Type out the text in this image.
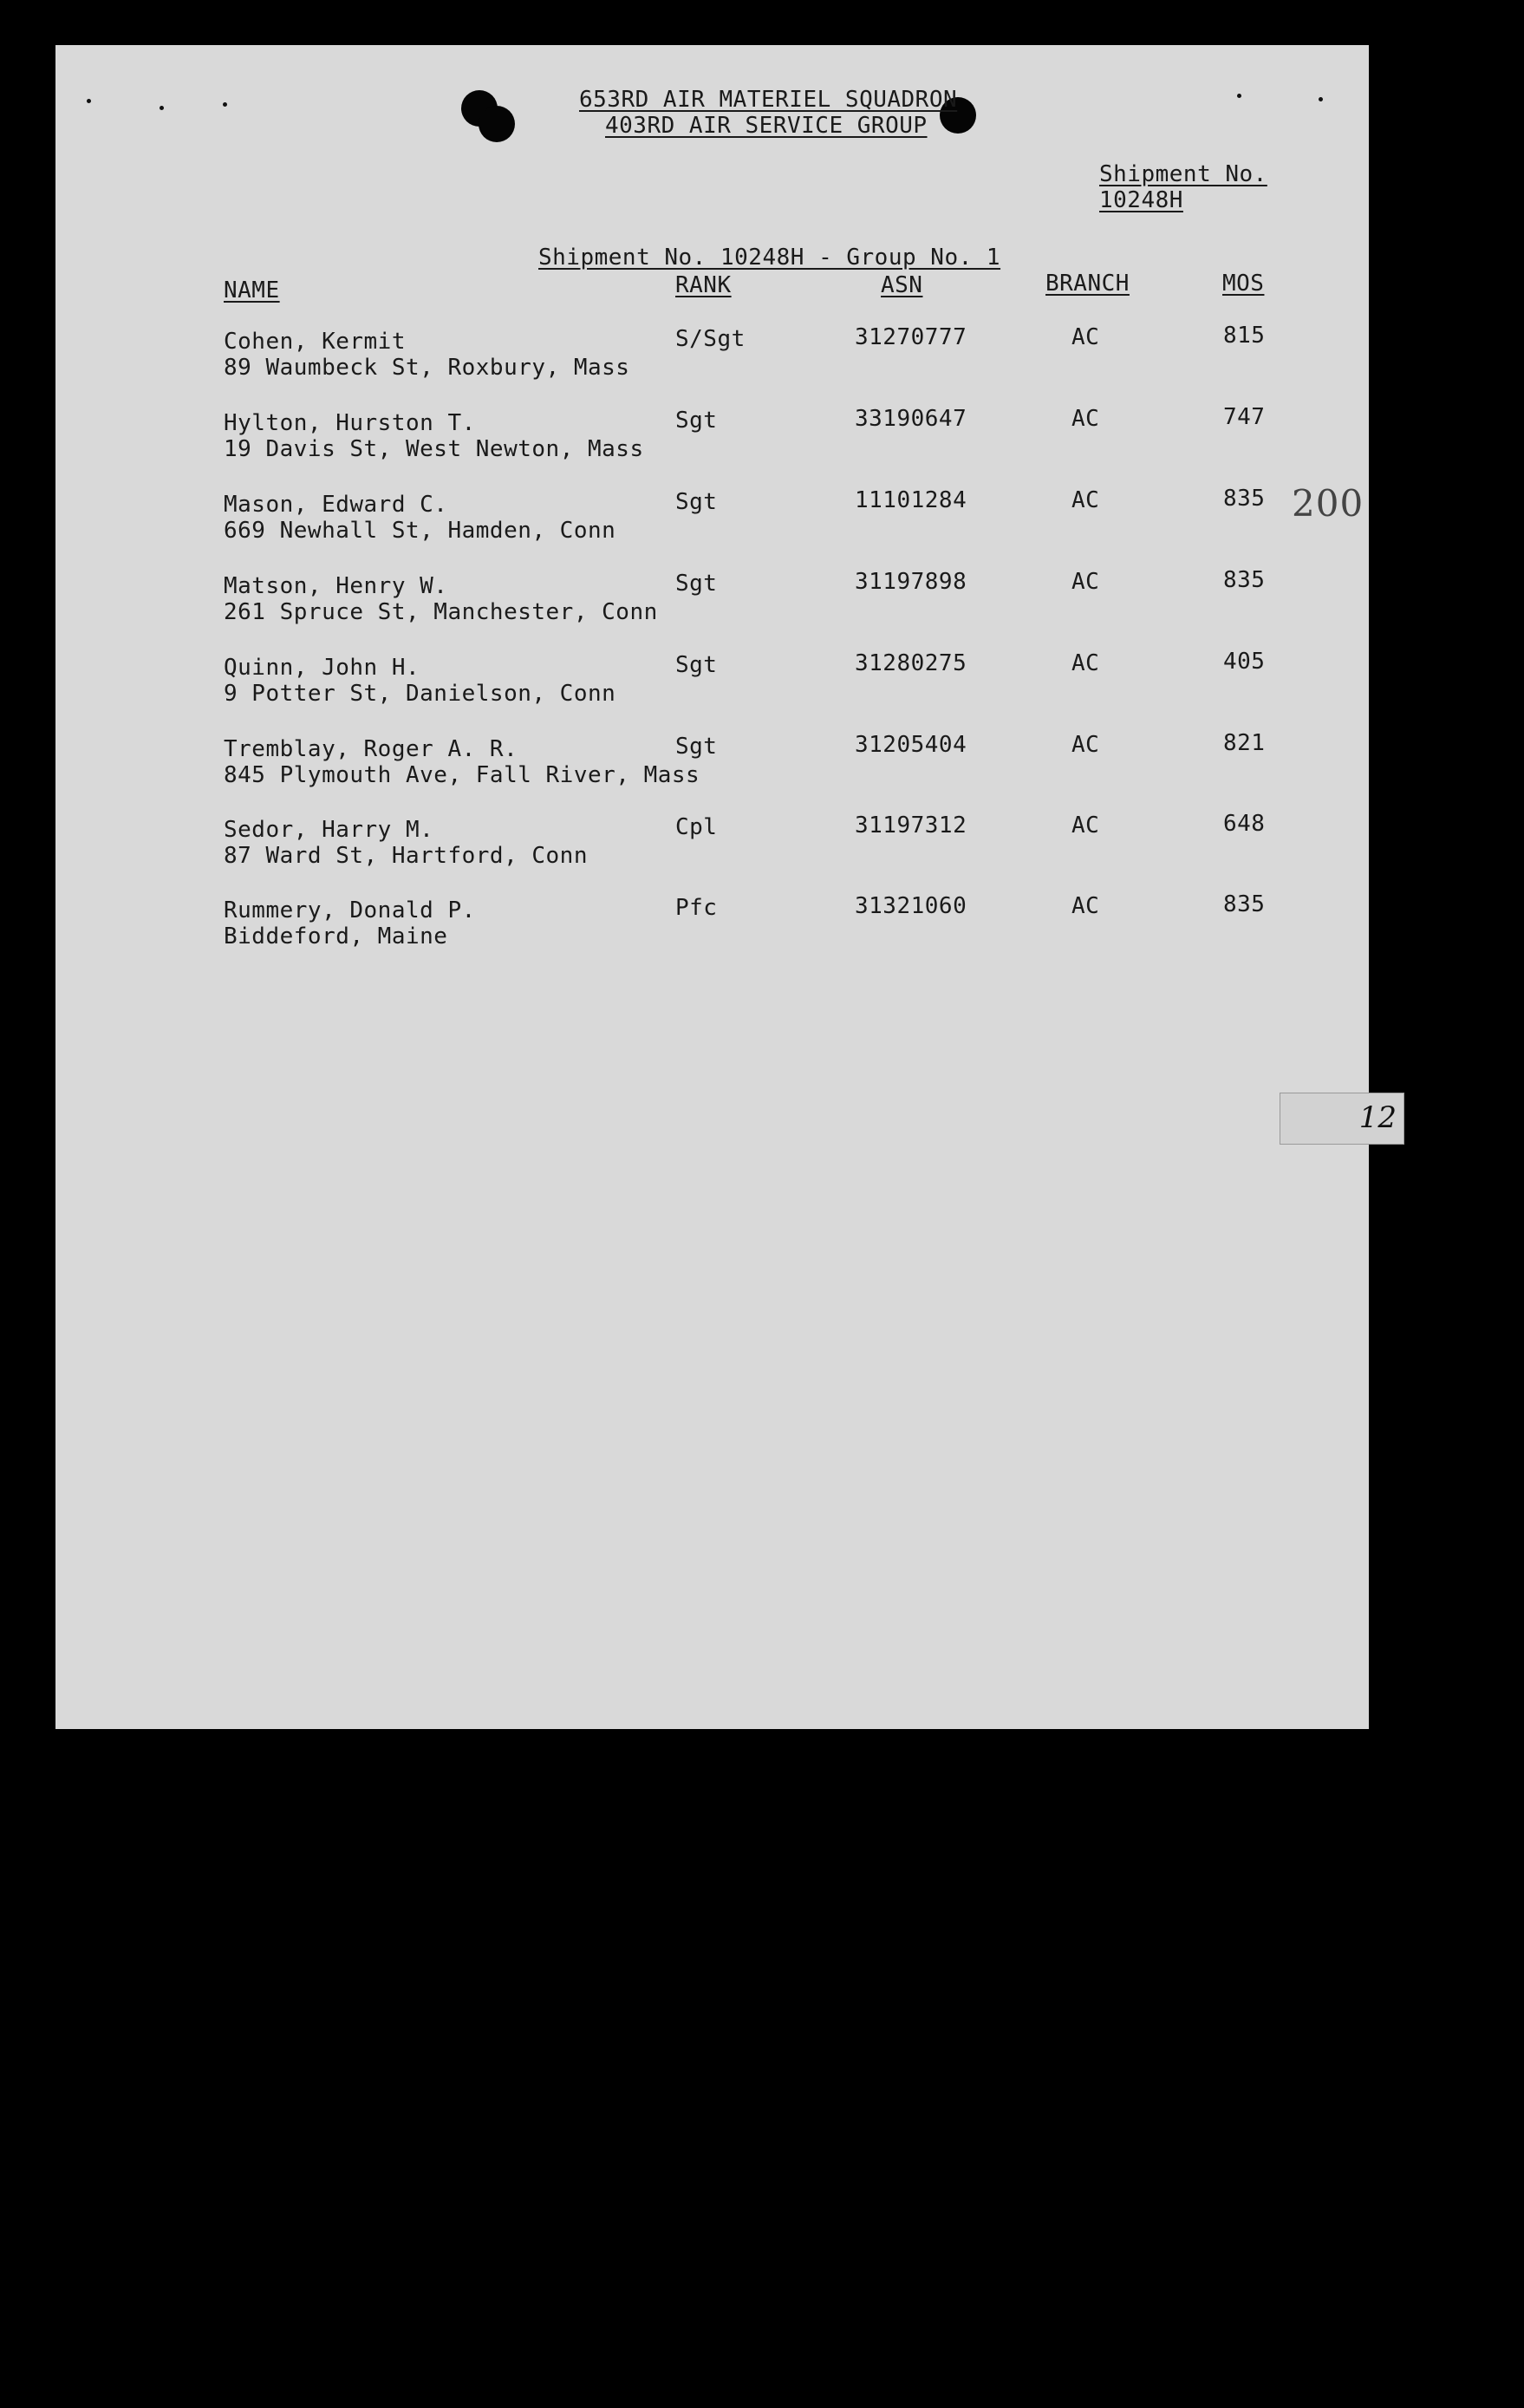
653RD AIR MATERIEL SQUADRON
403RD AIR SERVICE GROUP
Shipment No.
10248H
Shipment No. 10248H - Group No. 1
NAME	RANK	ASN	BRANCH	MOS
Cohen, Kermit
89 Waumbeck St, Roxbury, Mass
S/Sgt	31270777	AC	815
Hylton, Hurston T.
19 Davis St, West Newton, Mass
Sgt	33190647	AC	747
Mason, Edward C.
669 Newhall St, Hamden, Conn
Sgt	11101284	AC	835
Matson, Henry W.
261 Spruce St, Manchester, Conn
Sgt	31197898	AC	835
Quinn, John H.
9 Potter St, Danielson, Conn
Sgt	31280275	AC	405
Tremblay, Roger A. R.
845 Plymouth Ave, Fall River, Mass
Sgt	31205404	AC	821
Sedor, Harry M.
87 Ward St, Hartford, Conn
Cpl	31197312	AC	648
Rummery, Donald P.
Biddeford, Maine
Pfc	31321060	AC	835
200
12
